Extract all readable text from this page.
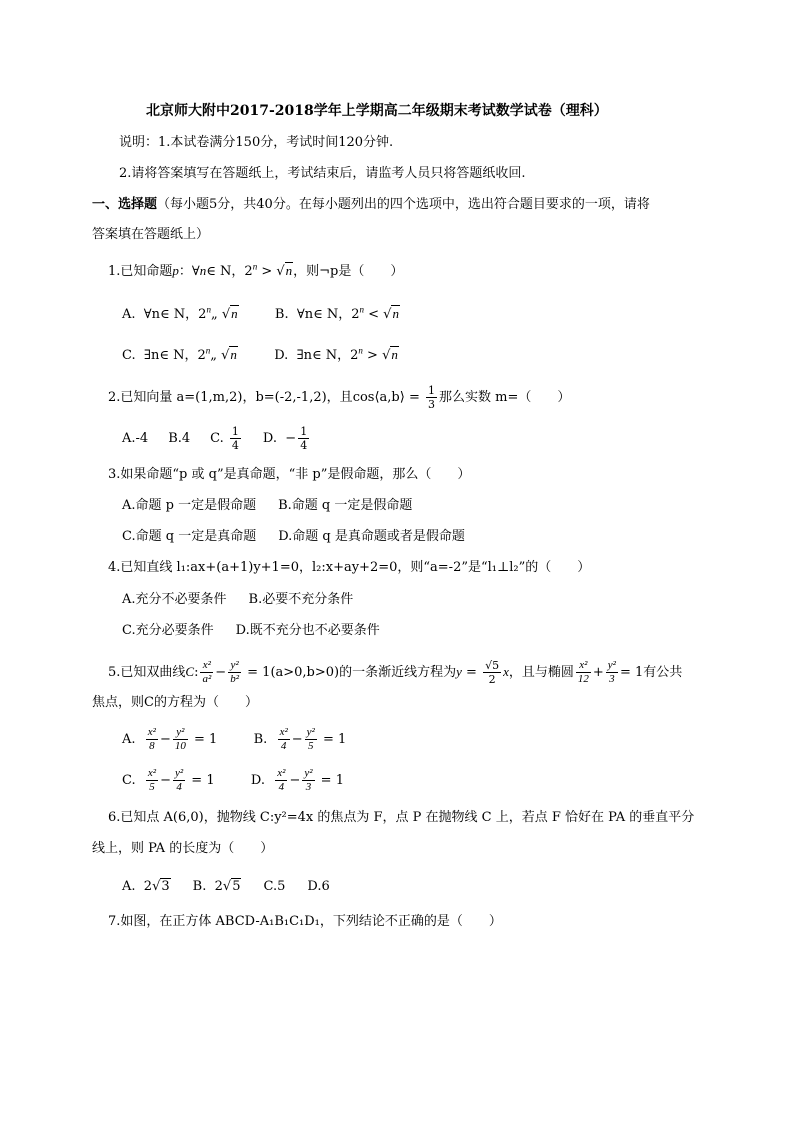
北京师大附中2017-2018学年上学期高二年级期末考试数学试卷（理科）
说明：1.本试卷满分150分，考试时间120分钟.
2.请将答案填写在答题纸上，考试结束后，请监考人员只将答题纸收回.
一、选择题（每小题5分，共40分。在每小题列出的四个选项中，选出符合题目要求的一项，请将
答案填在答题纸上）
1.已知命题p：∀n∈ N，$2^n > √n$，则¬p是（　　）
A. ∀n∈ N，2$^n$„ √n	B. ∀n∈ N，$2^n < √n$
C. ∃n∈ N，2$^n$„ √n	D. ∃n∈ N，$2^n > √n$
2.已知向量 a=(1,m,2)，b=(-2,-1,2)，且cos⟨a,b⟩ = $\frac{1}{3}$ 那么实数 m=（　　）
A.-4 B.4 C. $\frac{1}{4} D$. − $\frac{1}{4}$
3.如果命题“p 或 q”是真命题，“非 p”是假命题，那么（　　）
A.命题 p 一定是假命题 B.命题 q 一定是假命题
C.命题 q 一定是真命题 D.命题 q 是真命题或者是假命题
4.已知直线 l₁:ax+(a+1)y+1=0，l₂:x+ay+2=0，则“a=-2”是“l₁⊥l₂”的（　　）
A.充分不必要条件 B.必要不充分条件
C.充分必要条件 D.既不充分也不必要条件
5.已知双曲线C: $\frac{\text{x²}}{\text{a²}} - \frac{\text{y²}}{\text{b²}} = 1(a>0,b>0)$的一条渐近线方程为$y = \frac{√5}{2}$ x，且与椭圆 $\frac{\text{x²}}{12} + \frac{\text{y²}}{3} = 1$有公共
焦点，则C的方程为（　　）
A. $\frac{\text{x²}}{8} - \frac{\text{y²}}{10} = 1$	B. $\frac{\text{x²}}{4} - \frac{\text{y²}}{5} = 1$
C. $\frac{\text{x²}}{5} - \frac{\text{y²}}{4} = 1$	D. $\frac{\text{x²}}{4} - \frac{\text{y²}}{3} = 1$
6.已知点 A(6,0)，抛物线 C:y²=4x 的焦点为 F，点 P 在抛物线 C 上，若点 F 恰好在 PA 的垂直平分
线上，则 PA 的长度为（　　）
A. 2√3 B. 2√5 C.5 D.6
7.如图，在正方体 ABCD-A₁B₁C₁D₁，下列结论不正确的是（　　）
